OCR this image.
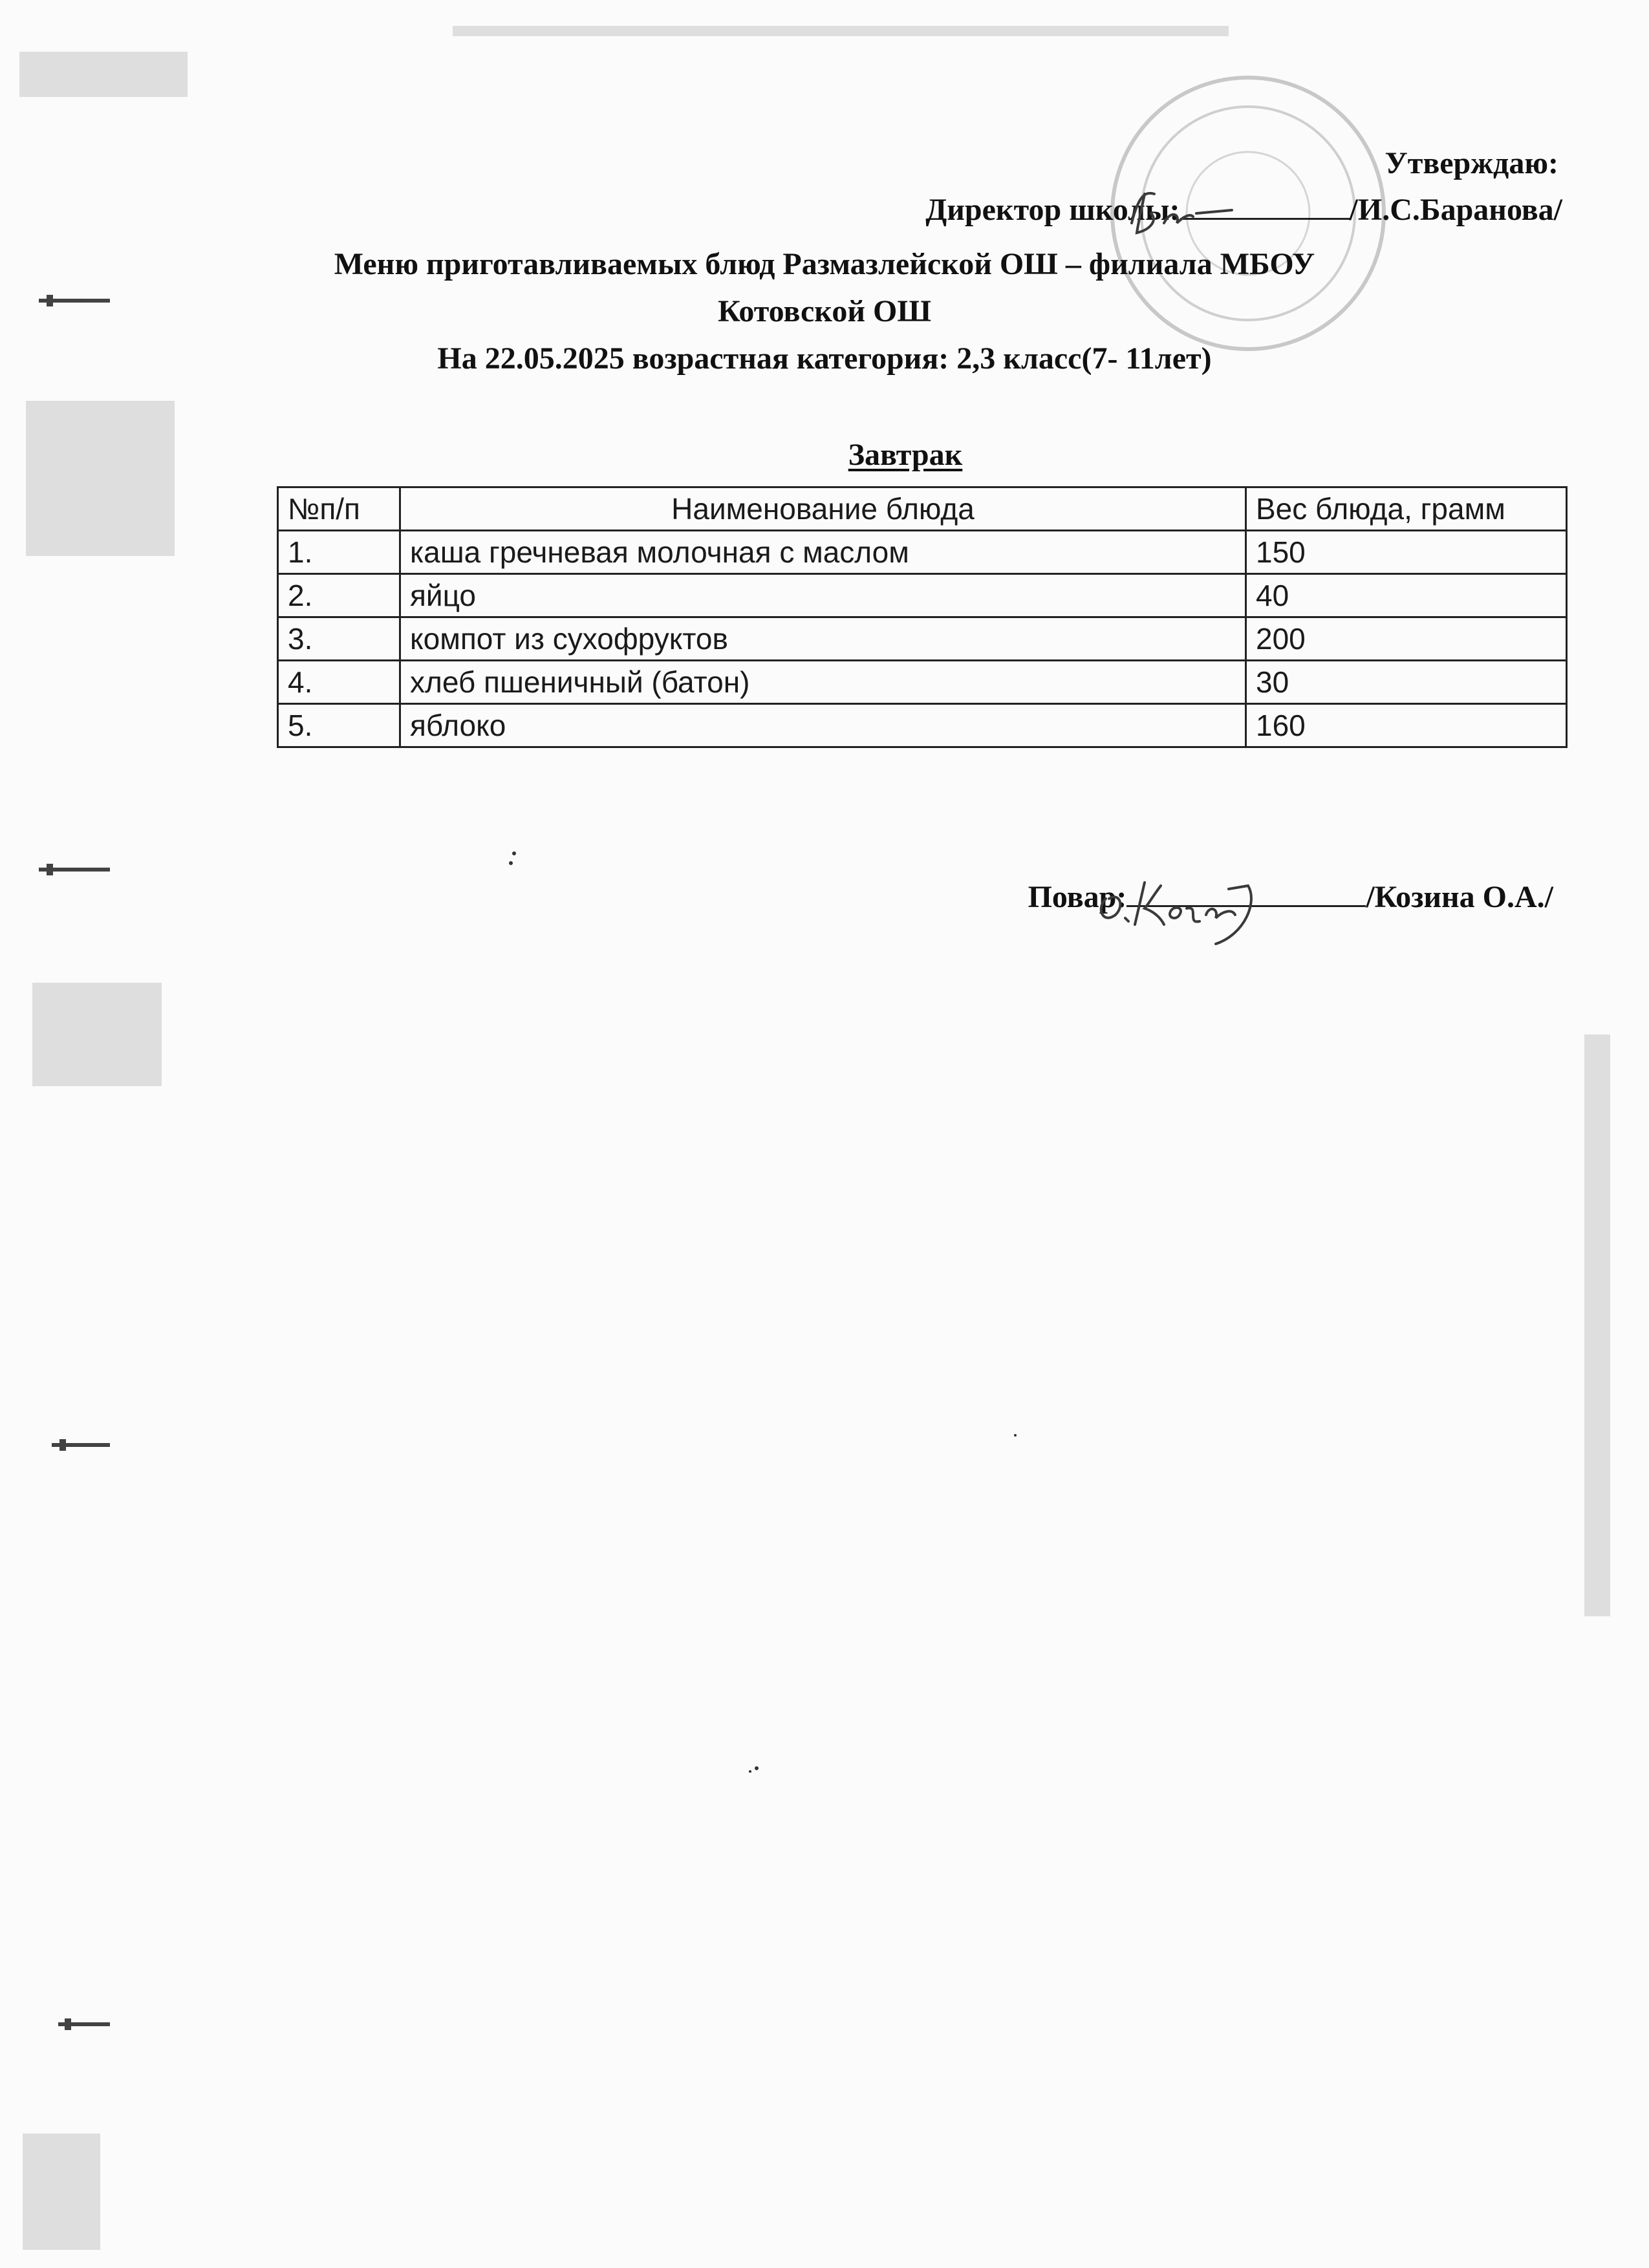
Утверждаю:
Директор школы:	/И.С.Баранова/
Меню приготавливаемых блюд Размазлейской ОШ – филиала МБОУ
Котовской ОШ
На 22.05.2025 возрастная категория: 2,3 класс(7- 11лет)
Завтрак
№п/п	Наименование блюда	Вес блюда, грамм
1.	каша гречневая молочная с маслом	150
2.	яйцо	40
3.	компот из сухофруктов	200
4.	хлеб пшеничный (батон)	30
5.	яблоко	160
Повар:	/Козина О.А./
